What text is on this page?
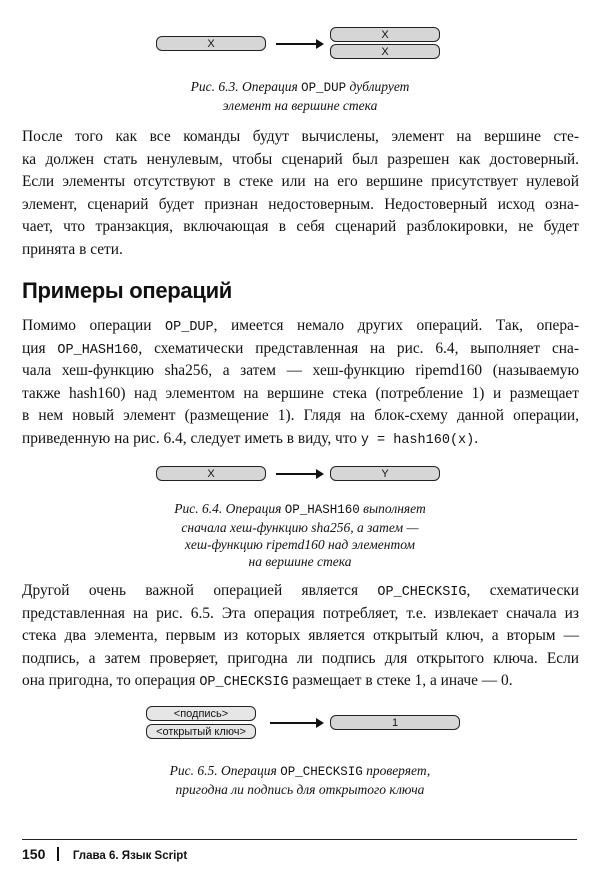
X
X
X
Рис. 6.3. Операция OP_DUP дублирует
элемент на вершине стека
После того как все команды будут вычислены, элемент на вершине сте-
ка должен стать ненулевым, чтобы сценарий был разрешен как достоверный.
Если элементы отсутствуют в стеке или на его вершине присутствует нулевой
элемент, сценарий будет признан недостоверным. Недостоверный исход озна-
чает, что транзакция, включающая в себя сценарий разблокировки, не будет
принята в сети.
Примеры операций
Помимо операции OP_DUP, имеется немало других операций. Так, опера-
ция OP_HASH160, схематически представленная на рис. 6.4, выполняет сна-
чала хеш-функцию sha256, а затем — хеш-функцию ripemd160 (называемую
также hash160) над элементом на вершине стека (потребление 1) и размещает
в нем новый элемент (размещение 1). Глядя на блок-схему данной операции,
приведенную на рис. 6.4, следует иметь в виду, что y = hash160(x).
X	Y
Рис. 6.4. Операция OP_HASH160 выполняет
сначала хеш-функцию sha256, а затем —
хеш-функцию ripemd160 над элементом
на вершине стека
Другой очень важной операцией является OP_CHECKSIG, схематически
представленная на рис. 6.5. Эта операция потребляет, т.е. извлекает сначала из
стека два элемента, первым из которых является открытый ключ, а вторым —
подпись, а затем проверяет, пригодна ли подпись для открытого ключа. Если
она пригодна, то операция OP_CHECKSIG размещает в стеке 1, а иначе — 0.
<подпись>
<открытый ключ>
1
Рис. 6.5. Операция OP_CHECKSIG проверяет,
пригодна ли подпись для открытого ключа
150 Глава 6. Язык Script
